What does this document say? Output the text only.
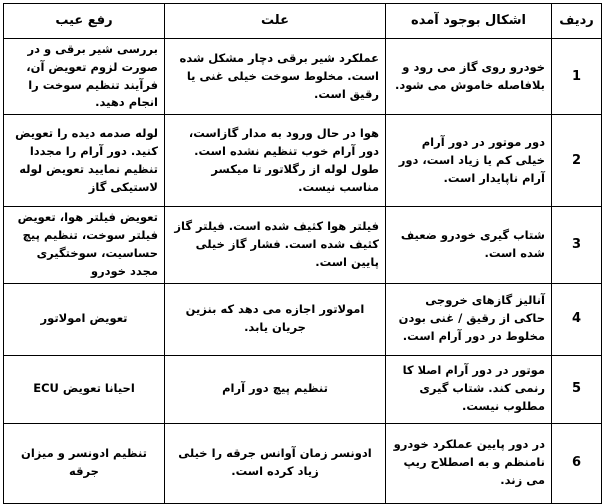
ردیف	اشکال بوجود آمده	علت	رفع عیب
1	خودرو روی گاز می رود و بلافاصله خاموش می شود.	عملکرد شیر برقی دچار مشکل شده است. مخلوط سوخت خیلی غنی یا رقیق است.	بررسی شیر برقی و در صورت لزوم تعویض آن، فرآیند تنظیم سوخت را انجام دهید.
2	دور موتور در دور آرام خیلی کم یا زیاد است، دور آرام ناپایدار است.	هوا در حال ورود به مدار گازاست، دور آرام خوب تنظیم نشده است. طول لوله از رگلاتور تا میکسر مناسب نیست.	لوله صدمه دیده را تعویض کنید. دور آرام را مجددا تنظیم نمایید تعویض لوله لاستیکی گاز
3	شتاب گیری خودرو ضعیف شده است.	فیلتر هوا کثیف شده است. فیلتر گاز کثیف شده است. فشار گاز خیلی پایین است.	تعویض فیلتر هوا، تعویض فیلتر سوخت، تنظیم پیچ حساسیت، سوختگیری مجدد خودرو
4	آنالیز گازهای خروجی حاکی از رقیق / غنی بودن مخلوط در دور آرام است.	امولاتور اجازه می دهد که بنزین جریان یابد.	تعویض امولاتور
5	موتور در دور آرام اصلا کا رنمی کند. شتاب گیری مطلوب نیست.	تنظیم پیچ دور آرام	احیانا تعویض ECU
6	در دور پایین عملکرد خودرو نامنظم و به اصطلاح ریپ می زند.	ادونسر زمان آوانس جرقه را خیلی زیاد کرده است.	تنظیم ادونسر و میزان جرقه
